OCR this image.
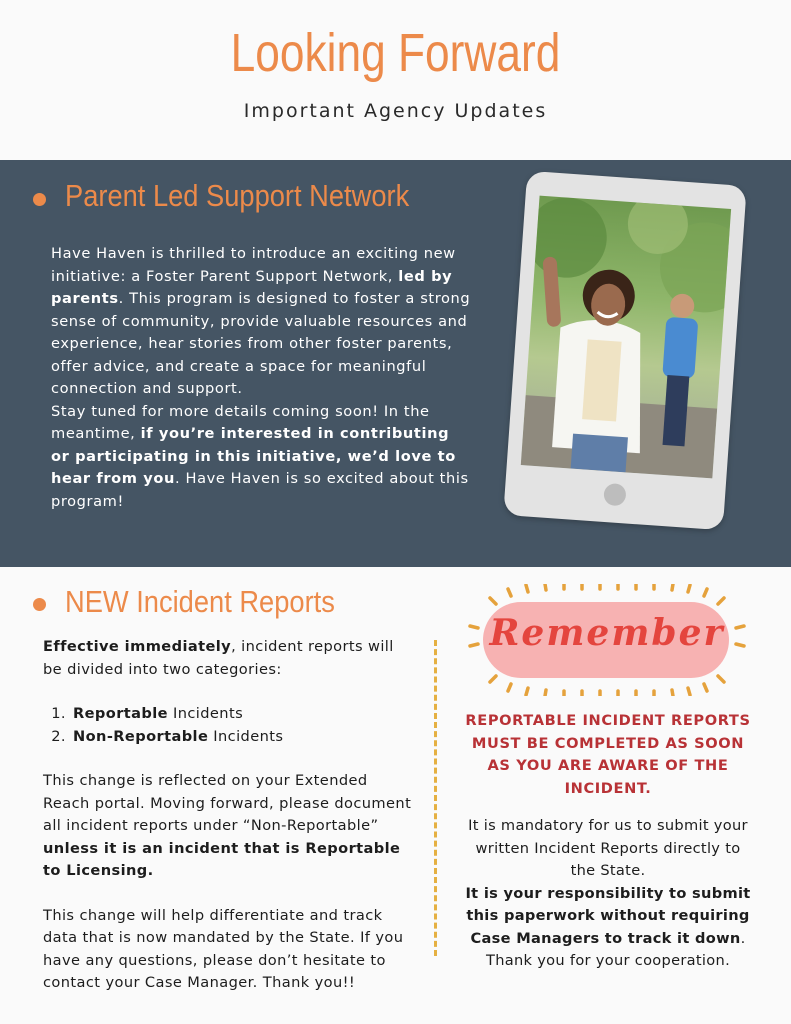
Looking Forward
Important Agency Updates
Parent Led Support Network
Have Haven is thrilled to introduce an exciting new initiative: a Foster Parent Support Network, led by parents. This program is designed to foster a strong sense of community, provide valuable resources and experience, hear stories from other foster parents, offer advice, and create a space for meaningful connection and support.
Stay tuned for more details coming soon! In the meantime, if you’re interested in contributing or participating in this initiative, we’d love to hear from you. Have Haven is so excited about this program!
NEW Incident Reports

Effective immediately, incident reports will be divided into two categories:

1. Reportable Incidents
2. Non-Reportable Incidents

This change is reflected on your Extended Reach portal. Moving forward, please document all incident reports under “Non-Reportable” unless it is an incident that is Reportable to Licensing.

This change will help differentiate and track data that is now mandated by the State. If you have any questions, please don’t hesitate to contact your Case Manager. Thank you!!

Remember
REPORTABLE INCIDENT REPORTS MUST BE COMPLETED AS SOON AS YOU ARE AWARE OF THE INCIDENT.
It is mandatory for us to submit your written Incident Reports directly to the State.
It is your responsibility to submit this paperwork without requiring Case Managers to track it down.
Thank you for your cooperation.
